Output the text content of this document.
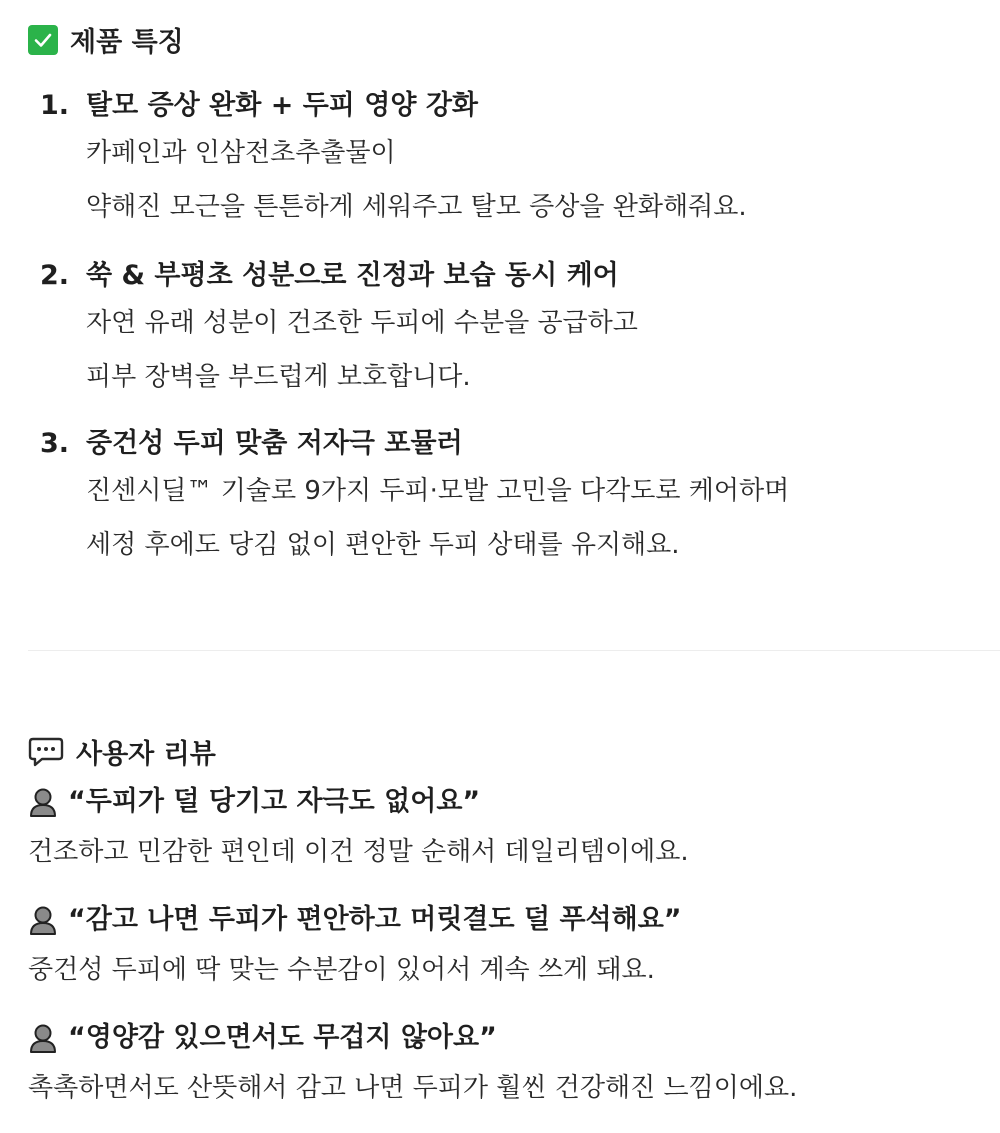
제품 특징
1. 탈모 증상 완화 + 두피 영양 강화
카페인과 인삼전초추출물이
약해진 모근을 튼튼하게 세워주고 탈모 증상을 완화해줘요.
2. 쑥 & 부평초 성분으로 진정과 보습 동시 케어
자연 유래 성분이 건조한 두피에 수분을 공급하고
피부 장벽을 부드럽게 보호합니다.
3. 중건성 두피 맞춤 저자극 포뮬러
진센시딜™ 기술로 9가지 두피·모발 고민을 다각도로 케어하며
세정 후에도 당김 없이 편안한 두피 상태를 유지해요.
사용자 리뷰
“두피가 덜 당기고 자극도 없어요”
건조하고 민감한 편인데 이건 정말 순해서 데일리템이에요.
“감고 나면 두피가 편안하고 머릿결도 덜 푸석해요”
중건성 두피에 딱 맞는 수분감이 있어서 계속 쓰게 돼요.
“영양감 있으면서도 무겁지 않아요”
촉촉하면서도 산뜻해서 감고 나면 두피가 훨씬 건강해진 느낌이에요.
